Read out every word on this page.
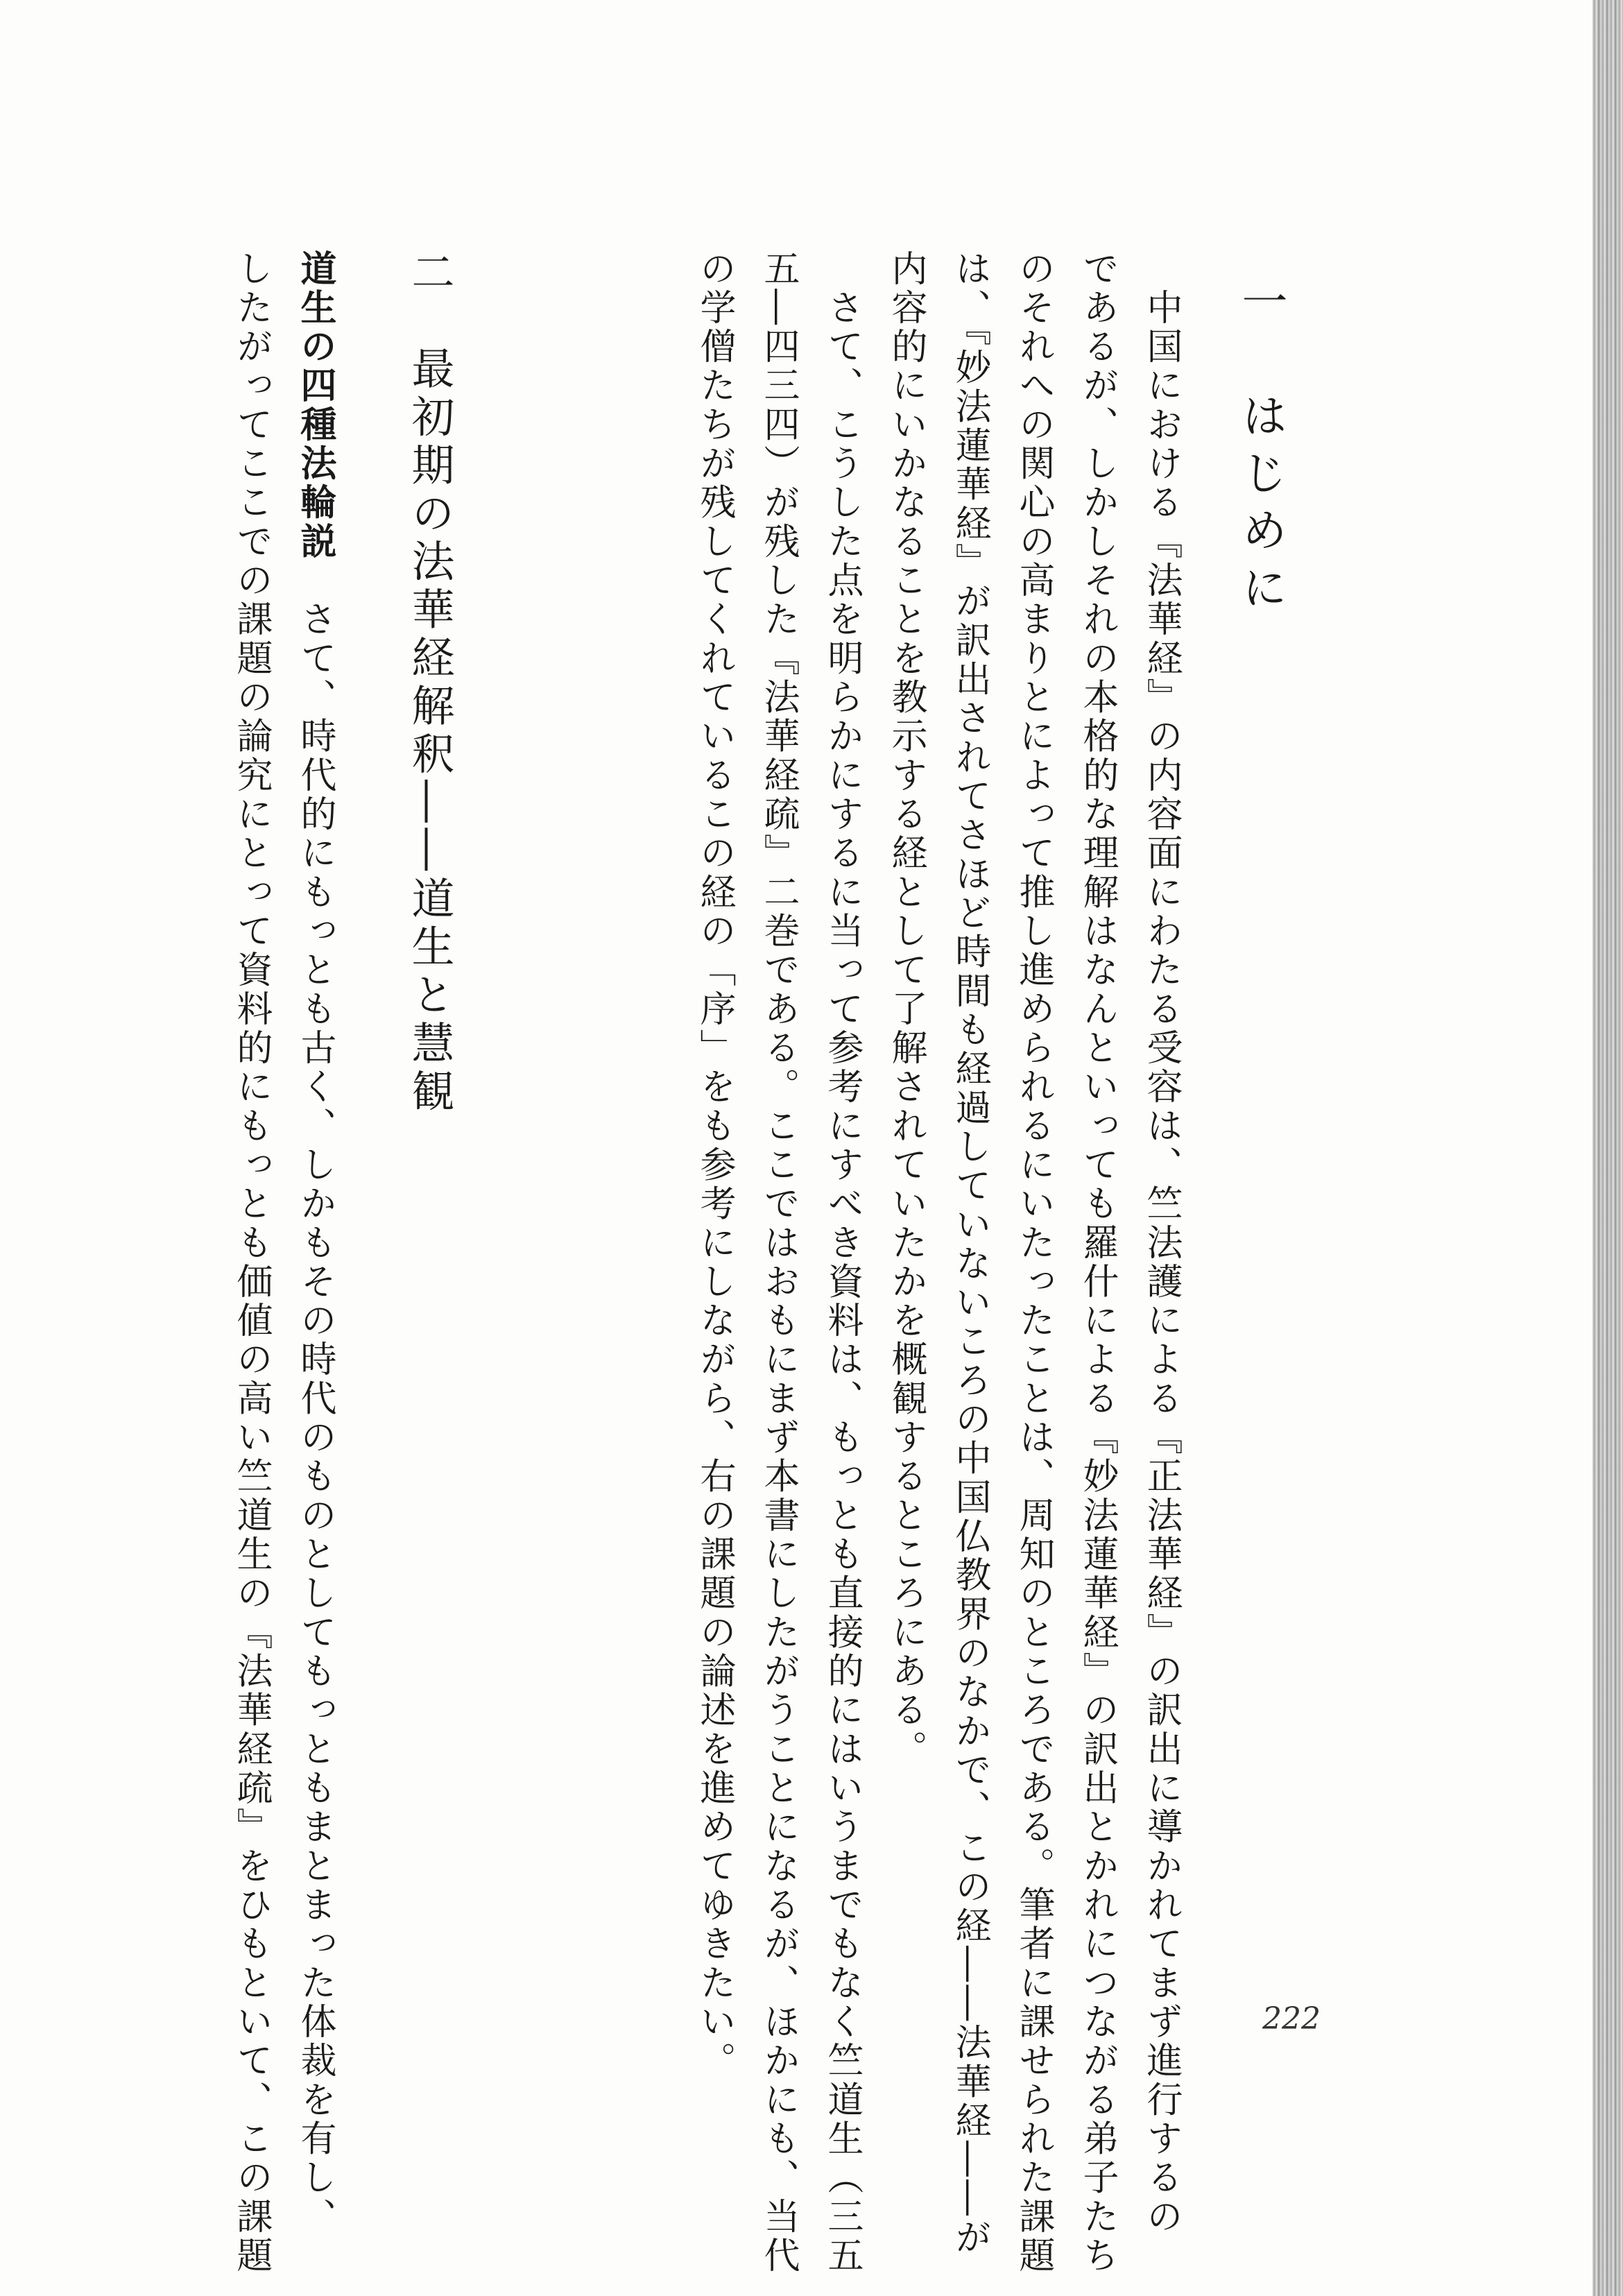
一　はじめに
　中国における『法華経』の内容面にわたる受容は、竺法護による『正法華経』の訳出に導かれてまず進行するの
であるが、しかしそれの本格的な理解はなんといっても羅什による『妙法蓮華経』の訳出とかれにつながる弟子たち
のそれへの関心の高まりとによって推し進められるにいたったことは、周知のところである。筆者に課せられた課題
は、『妙法蓮華経』が訳出されてさほど時間も経過していないころの中国仏教界のなかで、この経――法華経――が
内容的にいかなることを教示する経として了解されていたかを概観するところにある。
　さて、こうした点を明らかにするに当って参考にすべき資料は、もっとも直接的にはいうまでもなく竺道生（三五
五―四三四）が残した『法華経疏』二巻である。ここではおもにまず本書にしたがうことになるが、ほかにも、当代
の学僧たちが残してくれているこの経の「序」をも参考にしながら、右の課題の論述を進めてゆきたい。
二　最初期の法華経解釈――道生と慧観
道生の四種法輪説　さて、時代的にもっとも古く、しかもその時代のものとしてもっともまとまった体裁を有し、
したがってここでの課題の論究にとって資料的にもっとも価値の高い竺道生の『法華経疏』をひもといて、この課題	222
